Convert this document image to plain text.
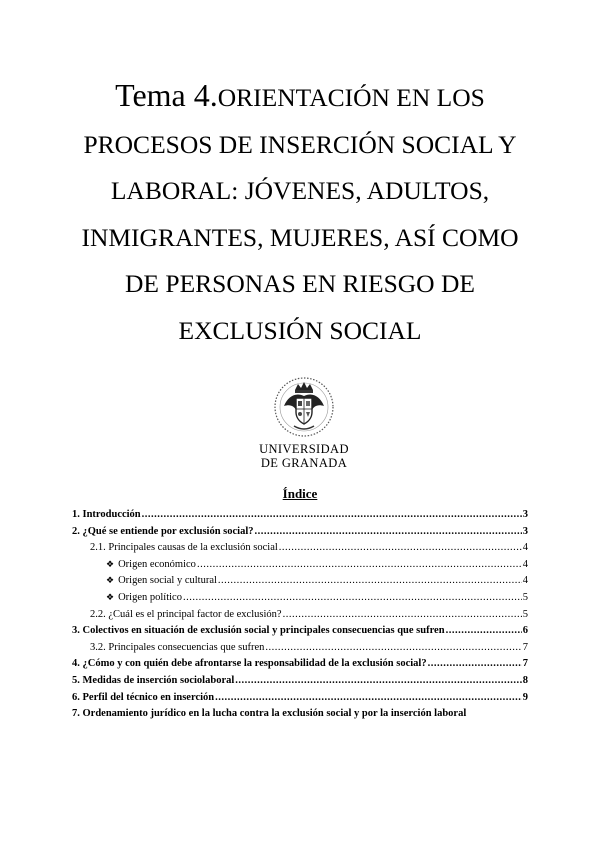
Tema 4.ORIENTACIÓN EN LOS
PROCESOS DE INSERCIÓN SOCIAL Y
LABORAL: JÓVENES, ADULTOS,
INMIGRANTES, MUJERES, ASÍ COMO
DE PERSONAS EN RIESGO DE
EXCLUSIÓN SOCIAL
UNIVERSIDAD
DE GRANADA
Índice
1. Introducción .....	3
2. ¿Qué se entiende por exclusión social? .....	3
2.1. Principales causas de la exclusión social .....	4
❖ Origen económico .....	4
❖ Origen social y cultural .....	4
❖ Origen político .....	5
2.2. ¿Cuál es el principal factor de exclusión? .....	5
3. Colectivos en situación de exclusión social y principales consecuencias que sufren .....	6
3.2. Principales consecuencias que sufren .....	7
4. ¿Cómo y con quién debe afrontarse la responsabilidad de la exclusión social? .....	7
5. Medidas de inserción sociolaboral .....	8
6. Perfil del técnico en inserción .....	9
7. Ordenamiento jurídico en la lucha contra la exclusión social y por la inserción laboral
